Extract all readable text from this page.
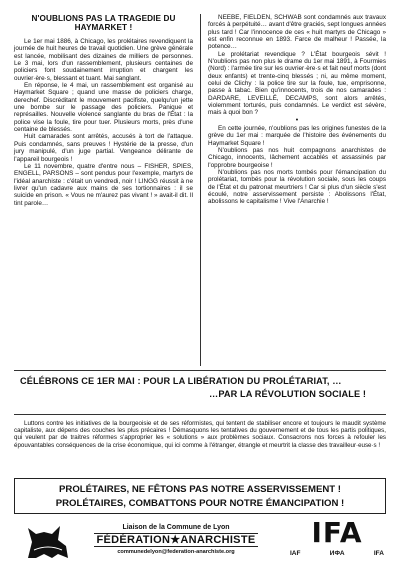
N'OUBLIONS PAS LA TRAGEDIE DU HAYMARKET !

Le 1er mai 1886, à Chicago, les prolétaires revendiquent la journée de huit heures de travail quotidien. Une grève générale est lancée, mobilisant des dizaines de milliers de personnes. Le 3 mai, lors d'un rassemblement, plusieurs centaines de policiers font soudainement irruption et chargent les ouvrier·ère·s, blessant et tuant. Mai sanglant.

En réponse, le 4 mai, un rassemblement est organisé au Haymarket Square ; quand une masse de policiers charge, derechef. Discréditant le mouvement pacifiste, quelqu'un jette une bombe sur le passage des policiers. Panique et représailles. Nouvelle violence sanglante du bras de l'État : la police vise la foule, tire pour tuer. Plusieurs morts, près d'une centaine de blessés.

Huit camarades sont arrêtés, accusés à tort de l'attaque. Puis condamnés, sans preuves ! Hystérie de la presse, d'un jury manipulé, d'un juge partial. Vengeance délirante de l'appareil bourgeois !

Le 11 novembre, quatre d'entre nous – FISHER, SPIES, ENGELL, PARSONS – sont pendus pour l'exemple, martyrs de l'idéal anarchiste : c'était un vendredi, noir ! LINGG réussit à ne livrer qu'un cadavre aux mains de ses tortionnaires : il se suicide en prison. « Vous ne m'aurez pas vivant ! » avait-il dit. Il tint parole…

NEEBE, FIELDEN, SCHWAB sont condamnés aux travaux forcés à perpétuité… avant d'être graciés, sept longues années plus tard ! Car l'innocence de ces « huit martyrs de Chicago » est enfin reconnue en 1893. Farce de malheur ! Passée, la potence…

Le prolétariat revendique ? L'État bourgeois sévit ! N'oublions pas non plus le drame du 1er mai 1891, à Fourmies (Nord) : l'armée tire sur les ouvrier·ère·s et fait neuf morts (dont deux enfants) et trente-cinq blessés ; ni, au même moment, celui de Clichy : la police tire sur la foule, tue, emprisonne, passe à tabac. Bien qu'innocents, trois de nos camarades : DARDARE, LEVEILLÉ, DECAMPS, sont alors arrêtés, violemment torturés, puis condamnés. Le verdict est sévère, mais à quoi bon ?

•

En cette journée, n'oublions pas les origines funestes de la grève du 1er mai : marquée de l'histoire des événements du Haymarket Square !

N'oublions pas nos huit compagnons anarchistes de Chicago, innocents, lâchement accablés et assassinés par l'opprobre bourgeoise !

N'oublions pas nos morts tombés pour l'émancipation du prolétariat, tombés pour la révolution sociale, sous les coups de l'État et du patronat meurtriers ! Car si plus d'un siècle s'est écoulé, notre asservissement persiste : Abolissons l'État, abolissons le capitalisme ! Vive l'Anarchie !

CÉLÉBRONS CE 1ER MAI : POUR LA LIBÉRATION DU PROLÉTARIAT, …
…PAR LA RÉVOLUTION SOCIALE !

Luttons contre les initiatives de la bourgeoisie et de ses réformistes, qui tentent de stabiliser encore et toujours le maudit système capitaliste, aux dépens des couches les plus précaires ! Démasquons les tentatives du gouvernement et de tous les partis politiques, qui veulent par de traitres réformes s'approprier les « solutions » aux problèmes sociaux. Consacrons nos forces à refouler les épouvantables conséquences de la crise économique, qui ici comme à l'étranger, étrangle et meurtrit la classe des travailleur·euse·s !

PROLÉTAIRES, NE FÊTONS PAS NOTRE ASSERVISSEMENT !
PROLÉTAIRES, COMBATTONS POUR NOTRE ÉMANCIPATION !
Liaison de la Commune de Lyon
FÉDÉRATION★ANARCHISTE
communedelyon@federation-anarchiste.org
IFA
IAF	ИФА	IFA
